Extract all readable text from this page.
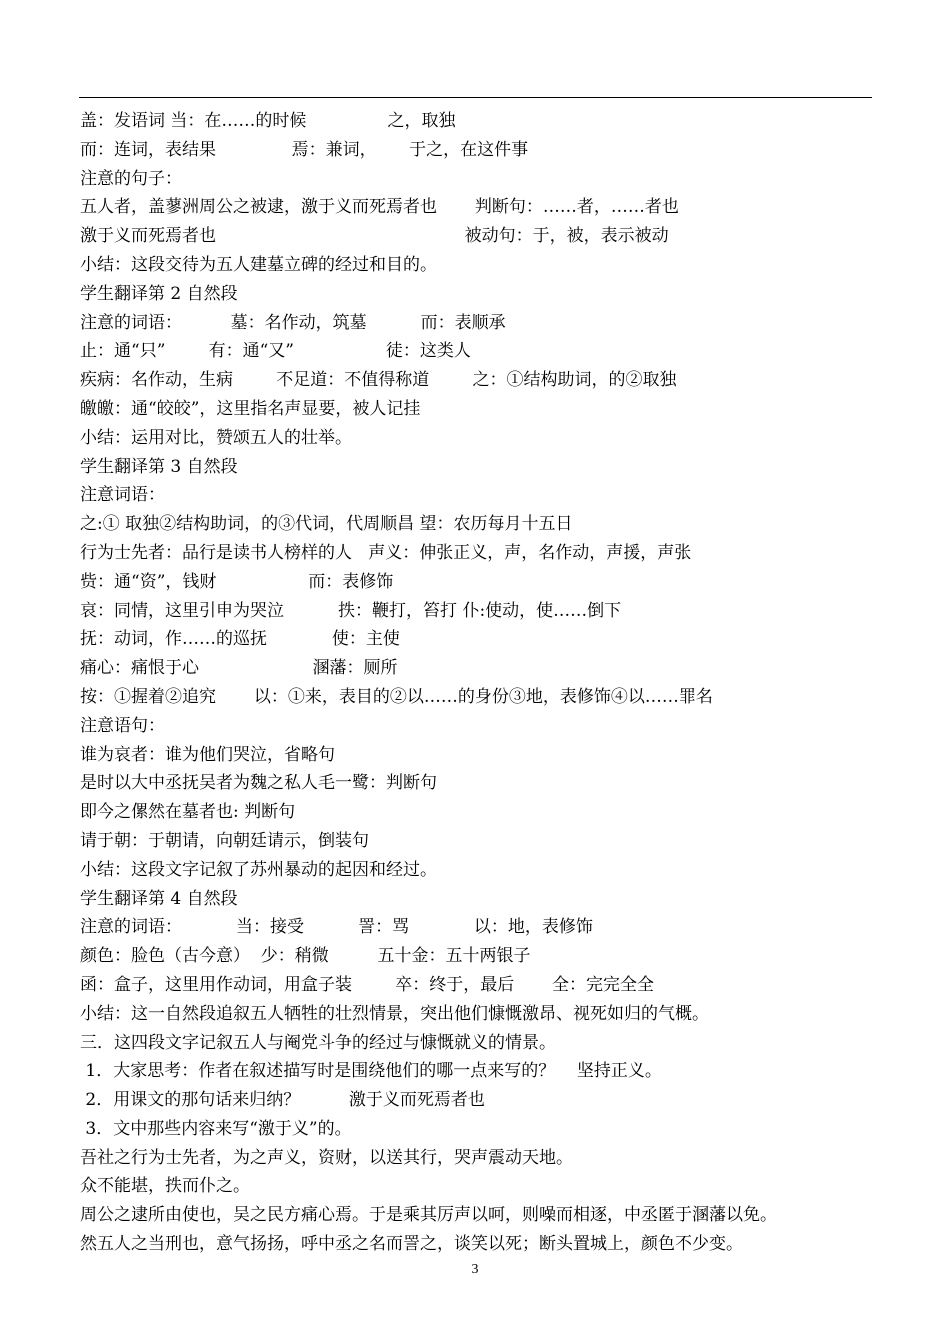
盖：发语词 当：在……的时候               之，取独
而：连词，表结果              焉：兼词，      于之，在这件事
注意的句子：
五人者，盖蓼洲周公之被逮，激于义而死焉者也       判断句：……者，……者也
激于义而死焉者也                                              被动句：于，被，表示被动
小结：这段交待为五人建墓立碑的经过和目的。
学生翻译第 2 自然段
注意的词语：         墓：名作动，筑墓          而：表顺承
止：通“只”        有：通“又”                 徒：这类人
疾病：名作动，生病        不足道：不值得称道        之：①结构助词，的②取独
皦皦：通“皎皎”，这里指名声显要，被人记挂
小结：运用对比，赞颂五人的壮举。
学生翻译第 3 自然段
注意词语：
之:① 取独②结构助词，的③代词，代周顺昌 望：农历每月十五日
行为士先者：品行是读书人榜样的人   声义：伸张正义，声，名作动，声援，声张
赀：通“资”，钱财                 而：表修饰
哀：同情，这里引申为哭泣          抶：鞭打，笞打 仆:使动，使……倒下
抚：动词，作……的巡抚            使：主使
痛心：痛恨于心                     溷藩：厕所
按：①握着②追究       以：①来，表目的②以……的身份③地，表修饰④以……罪名
注意语句：
谁为哀者：谁为他们哭泣，省略句
是时以大中丞抚吴者为魏之私人毛一鹭：判断句
即今之傫然在墓者也: 判断句
请于朝：于朝请，向朝廷请示，倒装句
小结：这段文字记叙了苏州暴动的起因和经过。
学生翻译第 4 自然段
注意的词语：          当：接受          詈：骂            以：地，表修饰
颜色：脸色（古今意）  少：稍微         五十金：五十两银子
函：盒子，这里用作动词，用盒子装        卒：终于，最后       全：完完全全
小结：这一自然段追叙五人牺牲的壮烈情景，突出他们慷慨激昂、视死如归的气概。
三．这四段文字记叙五人与阉党斗争的经过与慷慨就义的情景。
1．大家思考：作者在叙述描写时是围绕他们的哪一点来写的？    坚持正义。
2．用课文的那句话来归纳？         激于义而死焉者也
3．文中那些内容来写“激于义”的。
吾社之行为士先者，为之声义，资财，以送其行，哭声震动天地。
众不能堪，抶而仆之。
周公之逮所由使也，吴之民方痛心焉。于是乘其厉声以呵，则噪而相逐，中丞匿于溷藩以免。
然五人之当刑也，意气扬扬，呼中丞之名而詈之，谈笑以死；断头置城上，颜色不少变。
3
